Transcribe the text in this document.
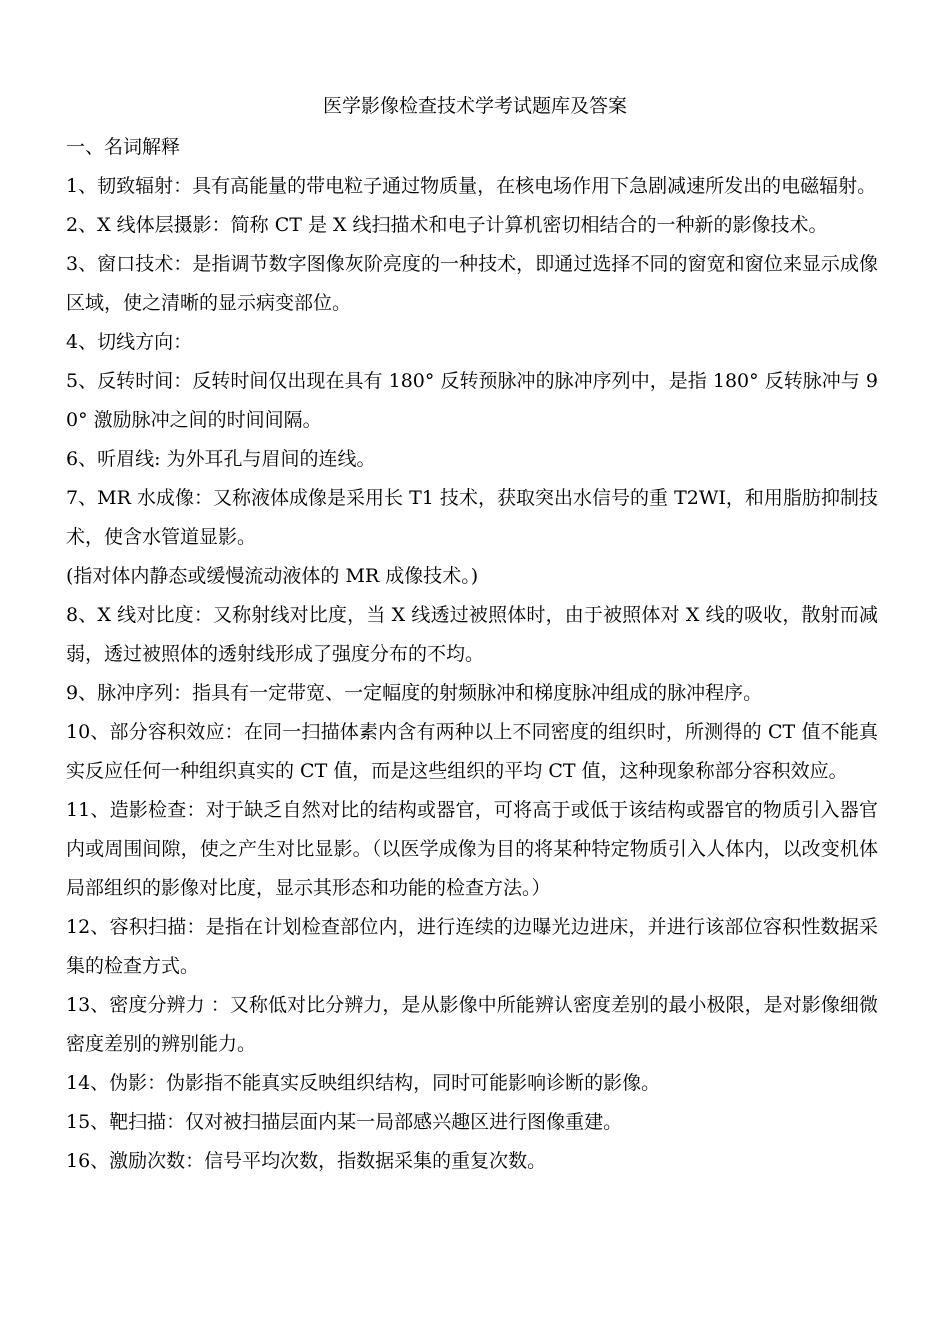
医学影像检查技术学考试题库及答案

一、名词解释

1、韧致辐射：具有高能量的带电粒子通过物质量，在核电场作用下急剧减速所发出的电磁辐射。

2、X 线体层摄影：简称 CT 是 X 线扫描术和电子计算机密切相结合的一种新的影像技术。

3、窗口技术：是指调节数字图像灰阶亮度的一种技术，即通过选择不同的窗宽和窗位来显示成像区域，使之清晰的显示病变部位。

4、切线方向：

5、反转时间：反转时间仅出现在具有 180° 反转预脉冲的脉冲序列中，是指 180° 反转脉冲与 90° 激励脉冲之间的时间间隔。

6、听眉线: 为外耳孔与眉间的连线。

7、MR 水成像：又称液体成像是采用长 T1 技术，获取突出水信号的重 T2WI，和用脂肪抑制技术，使含水管道显影。

(指对体内静态或缓慢流动液体的 MR 成像技术。)

8、X 线对比度：又称射线对比度，当 X 线透过被照体时，由于被照体对 X 线的吸收，散射而减弱，透过被照体的透射线形成了强度分布的不均。

9、脉冲序列：指具有一定带宽、一定幅度的射频脉冲和梯度脉冲组成的脉冲程序。

10、部分容积效应：在同一扫描体素内含有两种以上不同密度的组织时，所测得的 CT 值不能真实反应任何一种组织真实的 CT 值，而是这些组织的平均 CT 值，这种现象称部分容积效应。

11、造影检查：对于缺乏自然对比的结构或器官，可将高于或低于该结构或器官的物质引入器官内或周围间隙，使之产生对比显影。（以医学成像为目的将某种特定物质引入人体内，以改变机体局部组织的影像对比度，显示其形态和功能的检查方法。）

12、容积扫描：是指在计划检查部位内，进行连续的边曝光边进床，并进行该部位容积性数据采集的检查方式。

13、密度分辨力 ：又称低对比分辨力，是从影像中所能辨认密度差别的最小极限，是对影像细微密度差别的辨别能力。

14、伪影：伪影指不能真实反映组织结构，同时可能影响诊断的影像。

15、靶扫描：仅对被扫描层面内某一局部感兴趣区进行图像重建。

16、激励次数：信号平均次数，指数据采集的重复次数。
